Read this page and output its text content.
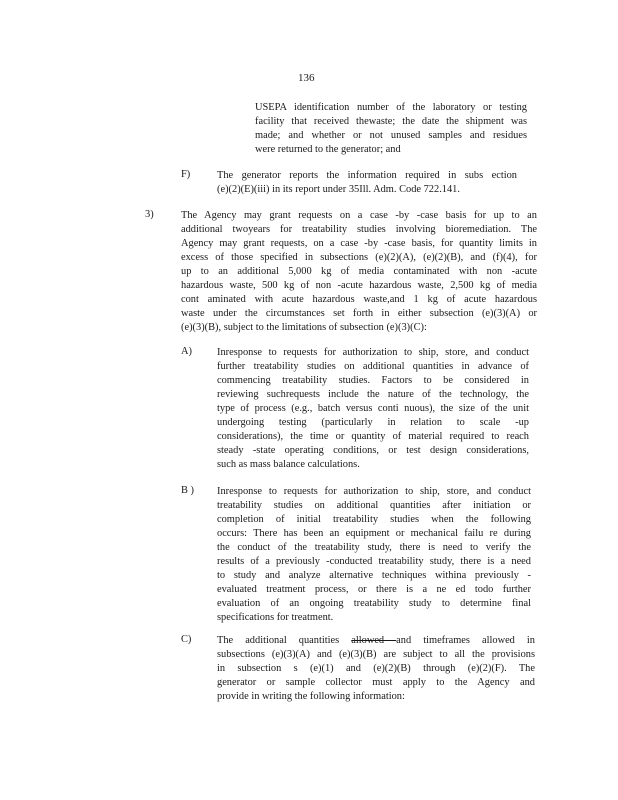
136
USEPA identification number of the laboratory or testing
facility that received thewaste; the date the shipment was
made; and whether or not unused samples and residues
were returned to the generator; and
F)	The generator reports the information required in subs ection
(e)(2)(E)(iii) in its report under 35Ill. Adm. Code 722.141.
3)	The Agency may grant requests on a case -by -case basis for up to an
additional twoyears for treatability studies involving bioremediation. The
Agency may grant requests, on a case -by -case basis, for quantity limits in
excess of those specified in subsections (e)(2)(A), (e)(2)(B), and (f)(4), for
up to an additional 5,000 kg of media contaminated with non -acute
hazardous waste, 500 kg of non -acute hazardous waste, 2,500 kg of media
cont aminated with acute hazardous waste,and 1 kg of acute hazardous
waste under the circumstances set forth in either subsection (e)(3)(A) or
(e)(3)(B), subject to the limitations of subsection (e)(3)(C):
A) Inresponse to requests for authorization to ship, store, and conduct
further treatability studies on additional quantities in advance of
commencing treatability studies. Factors to be considered in
reviewing suchrequests include the nature of the technology, the
type of process (e.g., batch versus conti nuous), the size of the unit
undergoing testing (particularly in relation to scale -up
considerations), the time or quantity of material required to reach
steady -state operating conditions, or test design considerations,
such as mass balance calculations.
B ) Inresponse to requests for authorization to ship, store, and conduct
treatability studies on additional quantities after initiation or
completion of initial treatability studies when the following
occurs: There has been an equipment or mechanical failu re during
the conduct of the treatability study, there is need to verify the
results of a previously -conducted treatability study, there is a need
to study and analyze alternative techniques withina previously -
evaluated treatment process, or there is a ne ed todo further
evaluation of an ongoing treatability study to determine final
specifications for treatment.
C) The additional quantities allowed and timeframes allowed in
subsections (e)(3)(A) and (e)(3)(B) are subject to all the provisions
in subsection s (e)(1) and (e)(2)(B) through (e)(2)(F). The
generator or sample collector must apply to the Agency and
provide in writing the following information:
